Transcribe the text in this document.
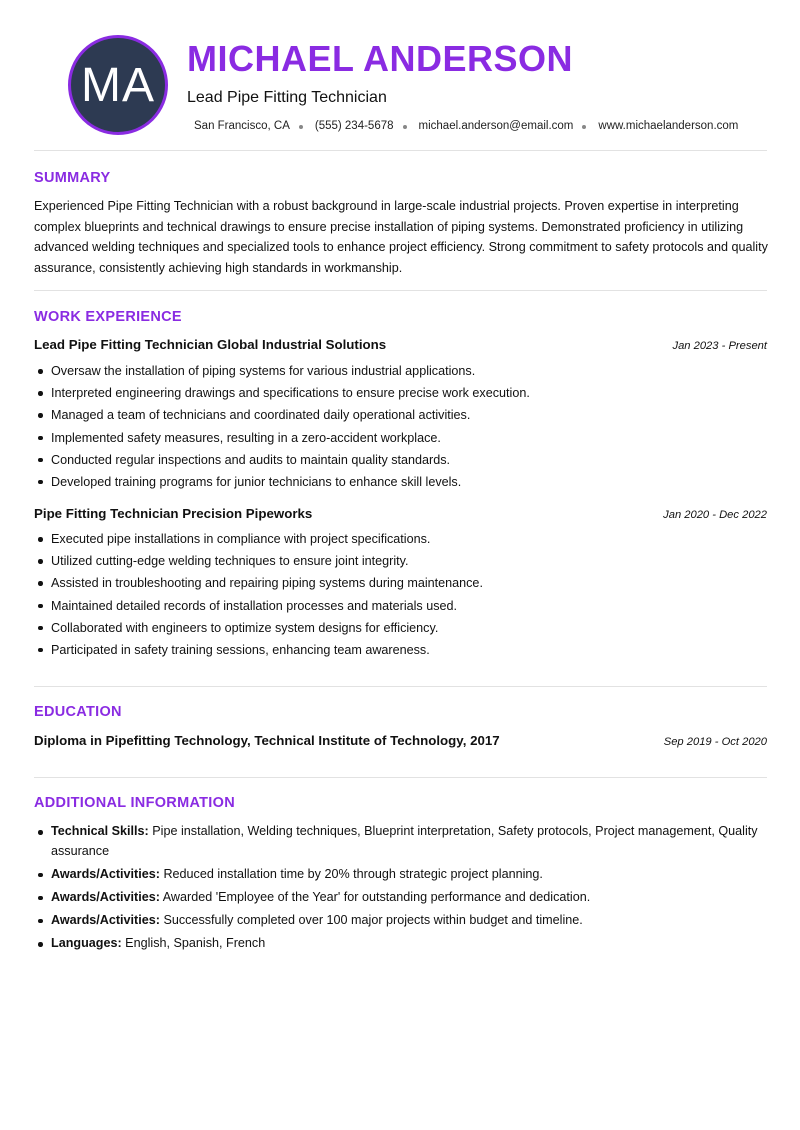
MA MICHAEL ANDERSON
Lead Pipe Fitting Technician
San Francisco, CA (555) 234-5678 michael.anderson@email.com www.michaelanderson.com
SUMMARY

Experienced Pipe Fitting Technician with a robust background in large-scale industrial projects. Proven expertise in interpreting complex blueprints and technical drawings to ensure precise installation of piping systems. Demonstrated proficiency in utilizing advanced welding techniques and specialized tools to enhance project efficiency. Strong commitment to safety protocols and quality assurance, consistently achieving high standards in workmanship.

WORK EXPERIENCE
Lead Pipe Fitting Technician Global Industrial Solutions	Jan 2023 - Present
Oversaw the installation of piping systems for various industrial applications.
Interpreted engineering drawings and specifications to ensure precise work execution.
Managed a team of technicians and coordinated daily operational activities.
Implemented safety measures, resulting in a zero-accident workplace.
Conducted regular inspections and audits to maintain quality standards.
Developed training programs for junior technicians to enhance skill levels.
Pipe Fitting Technician Precision Pipeworks	Jan 2020 - Dec 2022
Executed pipe installations in compliance with project specifications.
Utilized cutting-edge welding techniques to ensure joint integrity.
Assisted in troubleshooting and repairing piping systems during maintenance.
Maintained detailed records of installation processes and materials used.
Collaborated with engineers to optimize system designs for efficiency.
Participated in safety training sessions, enhancing team awareness.
EDUCATION
Diploma in Pipefitting Technology, Technical Institute of Technology, 2017	Sep 2019 - Oct 2020
ADDITIONAL INFORMATION
Technical Skills: Pipe installation, Welding techniques, Blueprint interpretation, Safety protocols, Project management, Quality assurance
Awards/Activities: Reduced installation time by 20% through strategic project planning.
Awards/Activities: Awarded 'Employee of the Year' for outstanding performance and dedication.
Awards/Activities: Successfully completed over 100 major projects within budget and timeline.
Languages: English, Spanish, French
